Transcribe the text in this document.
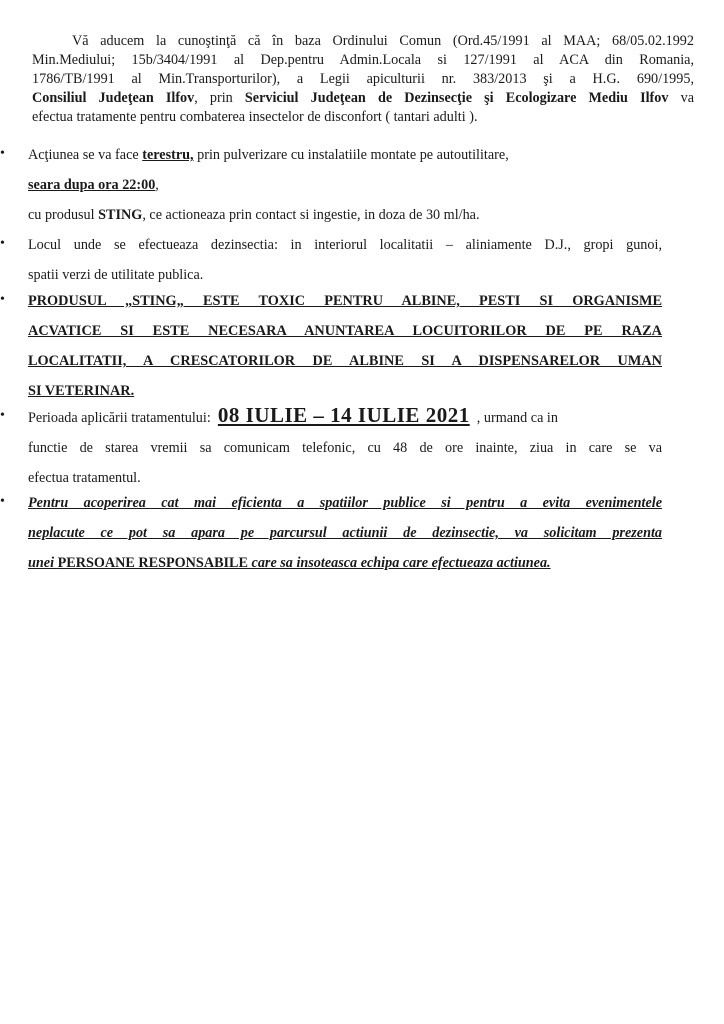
Vă aducem la cunoştinţă că în baza Ordinului Comun (Ord.45/1991 al MAA; 68/05.02.1992
Min.Mediului; 15b/3404/1991 al Dep.pentru Admin.Locala si 127/1991 al ACA din Romania,
1786/TB/1991 al Min.Transporturilor), a Legii apiculturii nr. 383/2013 şi a H.G. 690/1995,
Consiliul Judeţean Ilfov, prin Serviciul Judeţean de Dezinsecţie şi Ecologizare Mediu Ilfov va
efectua tratamente pentru combaterea insectelor de disconfort ( tantari adulti ).
• Acţiunea se va face terestru, prin pulverizare cu instalatiile montate pe autoutilitare,
seara dupa ora 22:00,
cu produsul STING, ce actioneaza prin contact si ingestie, in doza de 30 ml/ha.
• Locul unde se efectueaza dezinsectia: in interiorul localitatii – aliniamente D.J., gropi gunoi,
spatii verzi de utilitate publica.
• PRODUSUL „STING„ ESTE TOXIC PENTRU ALBINE, PESTI SI ORGANISME
ACVATICE SI ESTE NECESARA ANUNTAREA LOCUITORILOR DE PE RAZA
LOCALITATII, A CRESCATORILOR DE ALBINE SI A DISPENSARELOR UMAN
SI VETERINAR.
• Perioada aplicării tratamentului: 08 IULIE – 14 IULIE 2021 , urmand ca in
functie de starea vremii sa comunicam telefonic, cu 48 de ore inainte, ziua in care se va
efectua tratamentul.
• Pentru acoperirea cat mai eficienta a spatiilor publice si pentru a evita evenimentele
neplacute ce pot sa apara pe parcursul actiunii de dezinsectie, va solicitam prezenta
unei PERSOANE RESPONSABILE care sa insoteasca echipa care efectueaza actiunea.
